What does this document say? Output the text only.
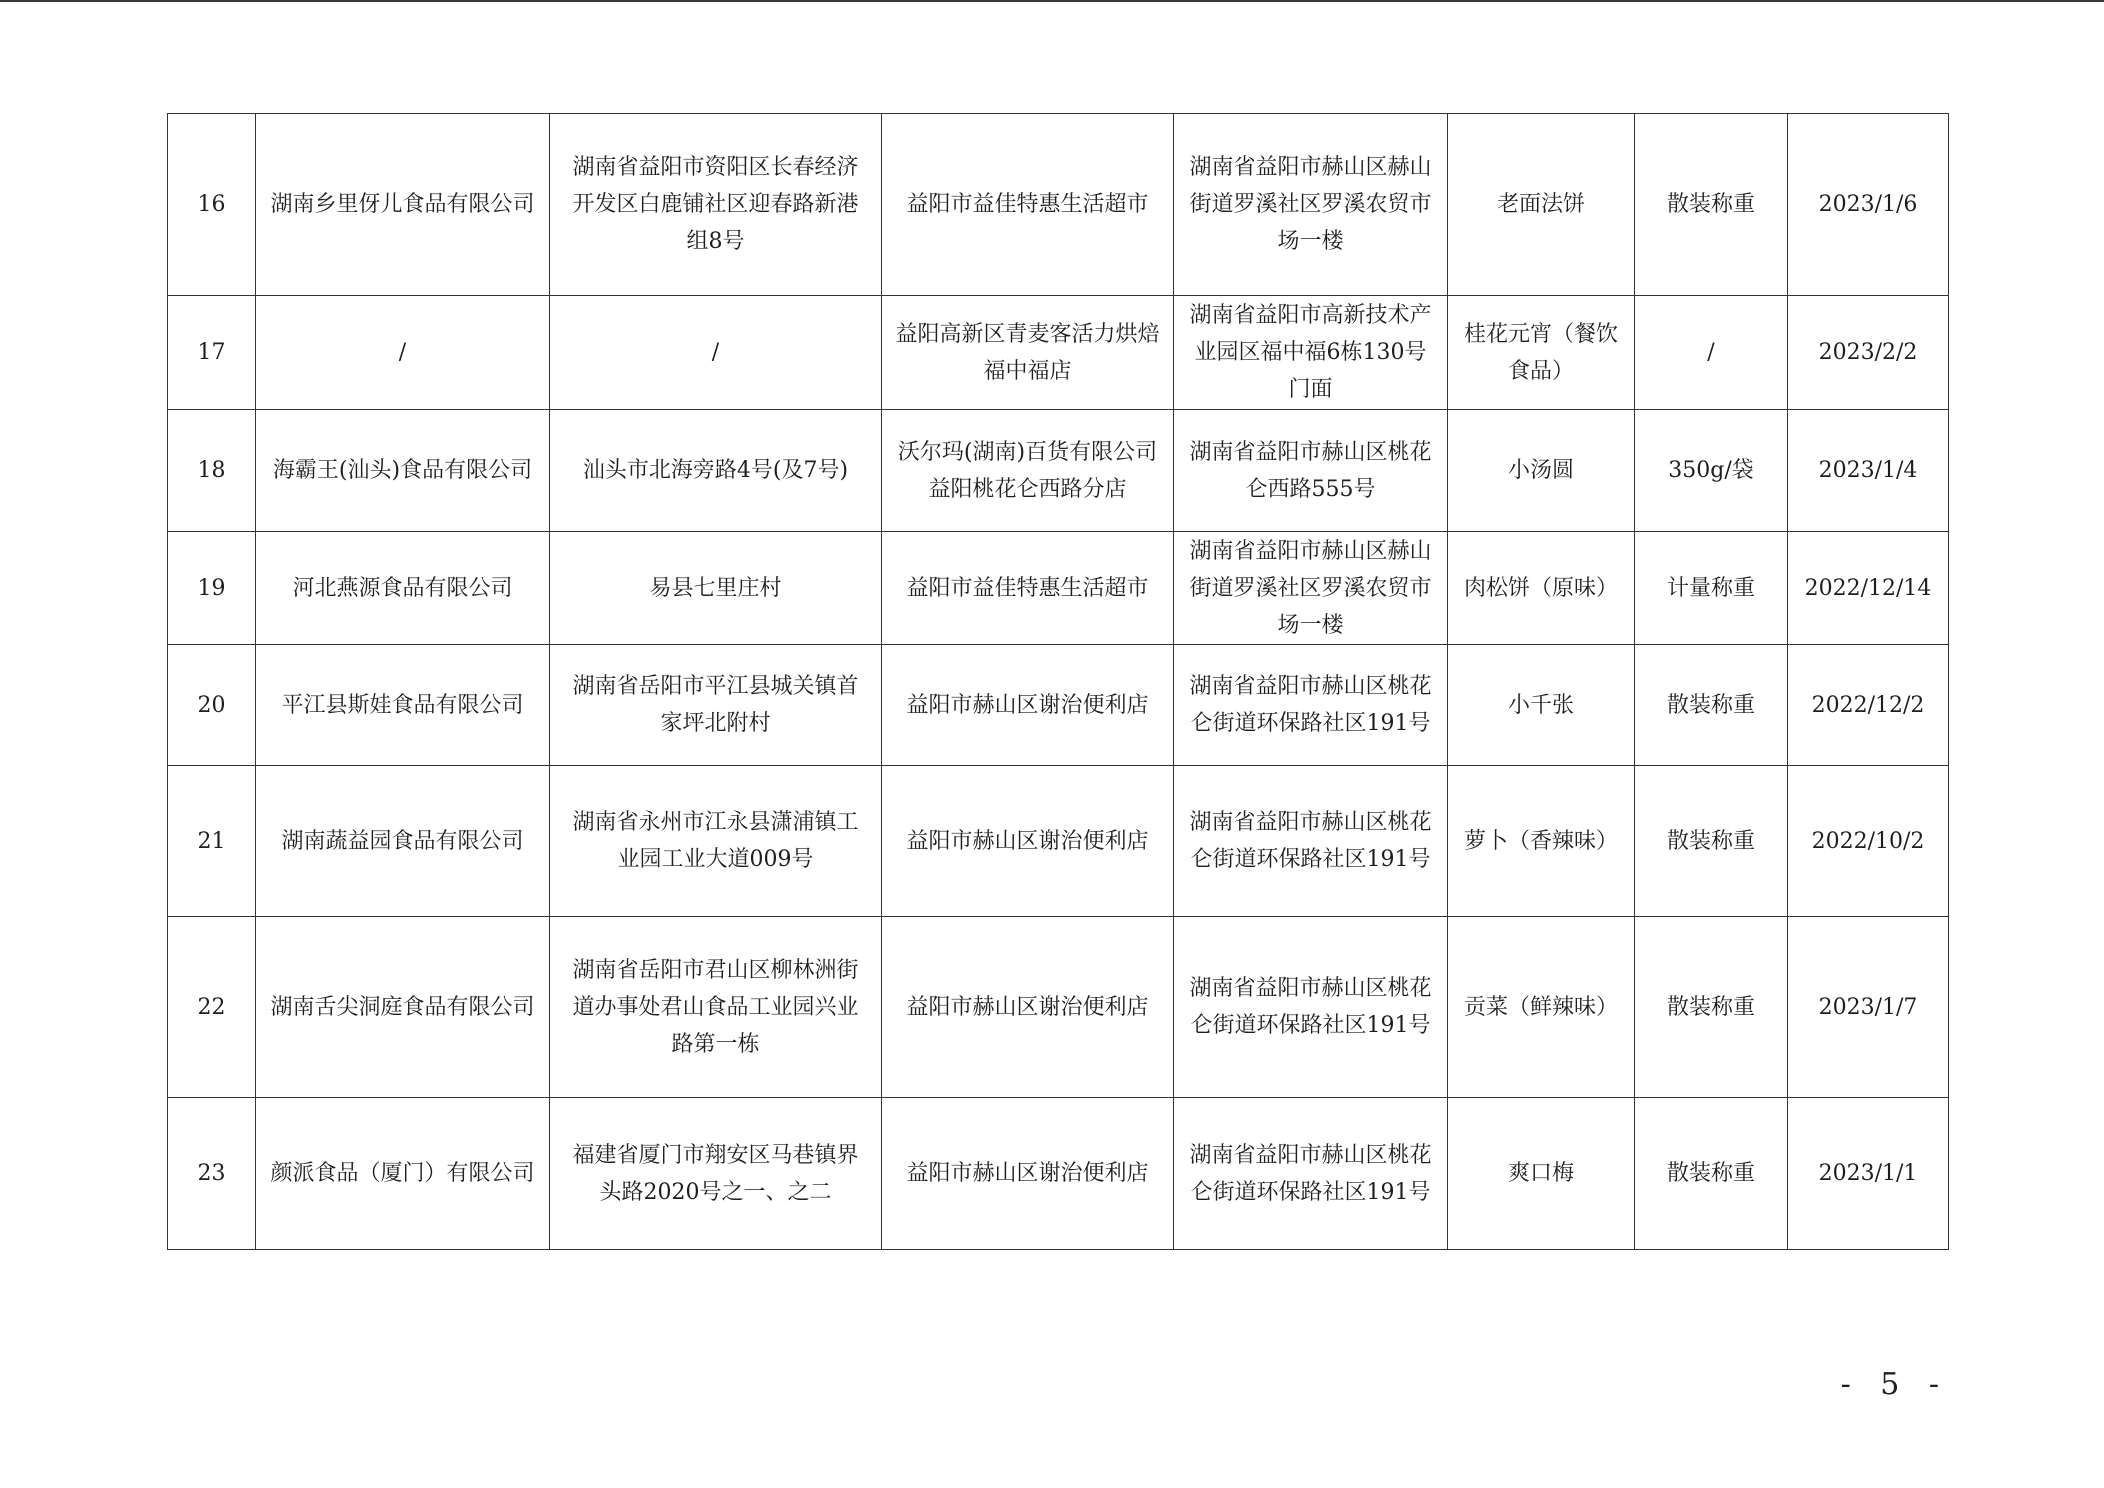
16	湖南乡里伢儿食品有限公司	湖南省益阳市资阳区长春经济开发区白鹿铺社区迎春路新港组8号	益阳市益佳特惠生活超市	湖南省益阳市赫山区赫山街道罗溪社区罗溪农贸市场一楼	老面法饼	散装称重	2023/1/6
17	/	/	益阳高新区青麦客活力烘焙福中福店	湖南省益阳市高新技术产业园区福中福6栋130号门面	桂花元宵（餐饮食品）	/	2023/2/2
18	海霸王(汕头)食品有限公司	汕头市北海旁路4号(及7号)	沃尔玛(湖南)百货有限公司益阳桃花仑西路分店	湖南省益阳市赫山区桃花仑西路555号	小汤圆	350g/袋	2023/1/4
19	河北燕源食品有限公司	易县七里庄村	益阳市益佳特惠生活超市	湖南省益阳市赫山区赫山街道罗溪社区罗溪农贸市场一楼	肉松饼（原味）	计量称重	2022/12/14
20	平江县斯娃食品有限公司	湖南省岳阳市平江县城关镇首家坪北附村	益阳市赫山区谢治便利店	湖南省益阳市赫山区桃花仑街道环保路社区191号	小千张	散装称重	2022/12/2
21	湖南蔬益园食品有限公司	湖南省永州市江永县潇浦镇工业园工业大道009号	益阳市赫山区谢治便利店	湖南省益阳市赫山区桃花仑街道环保路社区191号	萝卜（香辣味）	散装称重	2022/10/2
22	湖南舌尖洞庭食品有限公司	湖南省岳阳市君山区柳林洲街道办事处君山食品工业园兴业路第一栋	益阳市赫山区谢治便利店	湖南省益阳市赫山区桃花仑街道环保路社区191号	贡菜（鲜辣味）	散装称重	2023/1/7
23	颜派食品（厦门）有限公司	福建省厦门市翔安区马巷镇界头路2020号之一、之二	益阳市赫山区谢治便利店	湖南省益阳市赫山区桃花仑街道环保路社区191号	爽口梅	散装称重	2023/1/1
- 5 -
